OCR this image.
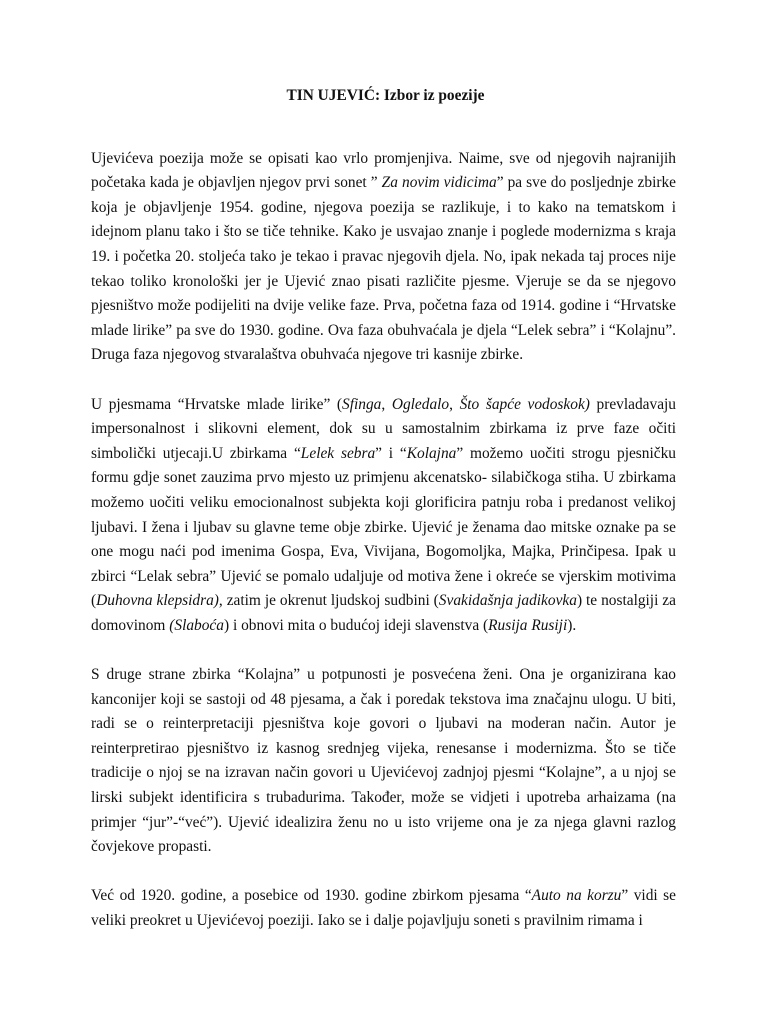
TIN UJEVIĆ: Izbor iz poezije

Ujevićeva poezija može se opisati kao vrlo promjenjiva. Naime, sve od njegovih najranijih početaka kada je objavljen njegov prvi sonet ” Za novim vidicima” pa sve do posljednje zbirke koja je objavljenje 1954. godine, njegova poezija se razlikuje, i to kako na tematskom i idejnom planu tako i što se tiče tehnike. Kako je usvajao znanje i poglede modernizma s kraja 19. i početka 20. stoljeća tako je tekao i pravac njegovih djela. No, ipak nekada taj proces nije tekao toliko kronološki jer je Ujević znao pisati različite pjesme. Vjeruje se da se njegovo pjesništvo može podijeliti na dvije velike faze. Prva, početna faza od 1914. godine i “Hrvatske mlade lirike” pa sve do 1930. godine. Ova faza obuhvaćala je djela “Lelek sebra” i “Kolajnu”. Druga faza njegovog stvaralaštva obuhvaća njegove tri kasnije zbirke.

U pjesmama “Hrvatske mlade lirike” (Sfinga, Ogledalo, Što šapće vodoskok) prevladavaju impersonalnost i slikovni element, dok su u samostalnim zbirkama iz prve faze očiti simbolički utjecaji.U zbirkama “Lelek sebra” i “Kolajna” možemo uočiti strogu pjesničku formu gdje sonet zauzima prvo mjesto uz primjenu akcenatsko- silabičkoga stiha. U zbirkama možemo uočiti veliku emocionalnost subjekta koji glorificira patnju roba i predanost velikoj ljubavi. I žena i ljubav su glavne teme obje zbirke. Ujević je ženama dao mitske oznake pa se one mogu naći pod imenima Gospa, Eva, Vivijana, Bogomoljka, Majka, Prinčipesa. Ipak u zbirci “Lelak sebra” Ujević se pomalo udaljuje od motiva žene i okreće se vjerskim motivima (Duhovna klepsidra), zatim je okrenut ljudskoj sudbini (Svakidašnja jadikovka) te nostalgiji za domovinom (Slaboća) i obnovi mita o budućoj ideji slavenstva (Rusija Rusiji).

S druge strane zbirka “Kolajna” u potpunosti je posvećena ženi. Ona je organizirana kao kanconijer koji se sastoji od 48 pjesama, a čak i poredak tekstova ima značajnu ulogu. U biti, radi se o reinterpretaciji pjesništva koje govori o ljubavi na moderan način. Autor je reinterpretirao pjesništvo iz kasnog srednjeg vijeka, renesanse i modernizma. Što se tiče tradicije o njoj se na izravan način govori u Ujevićevoj zadnjoj pjesmi “Kolajne”, a u njoj se lirski subjekt identificira s trubadurima. Također, može se vidjeti i upotreba arhaizama (na primjer “jur”-“već”). Ujević idealizira ženu no u isto vrijeme ona je za njega glavni razlog čovjekove propasti.

Već od 1920. godine, a posebice od 1930. godine zbirkom pjesama “Auto na korzu” vidi se veliki preokret u Ujevićevoj poeziji. Iako se i dalje pojavljuju soneti s pravilnim rimama i
